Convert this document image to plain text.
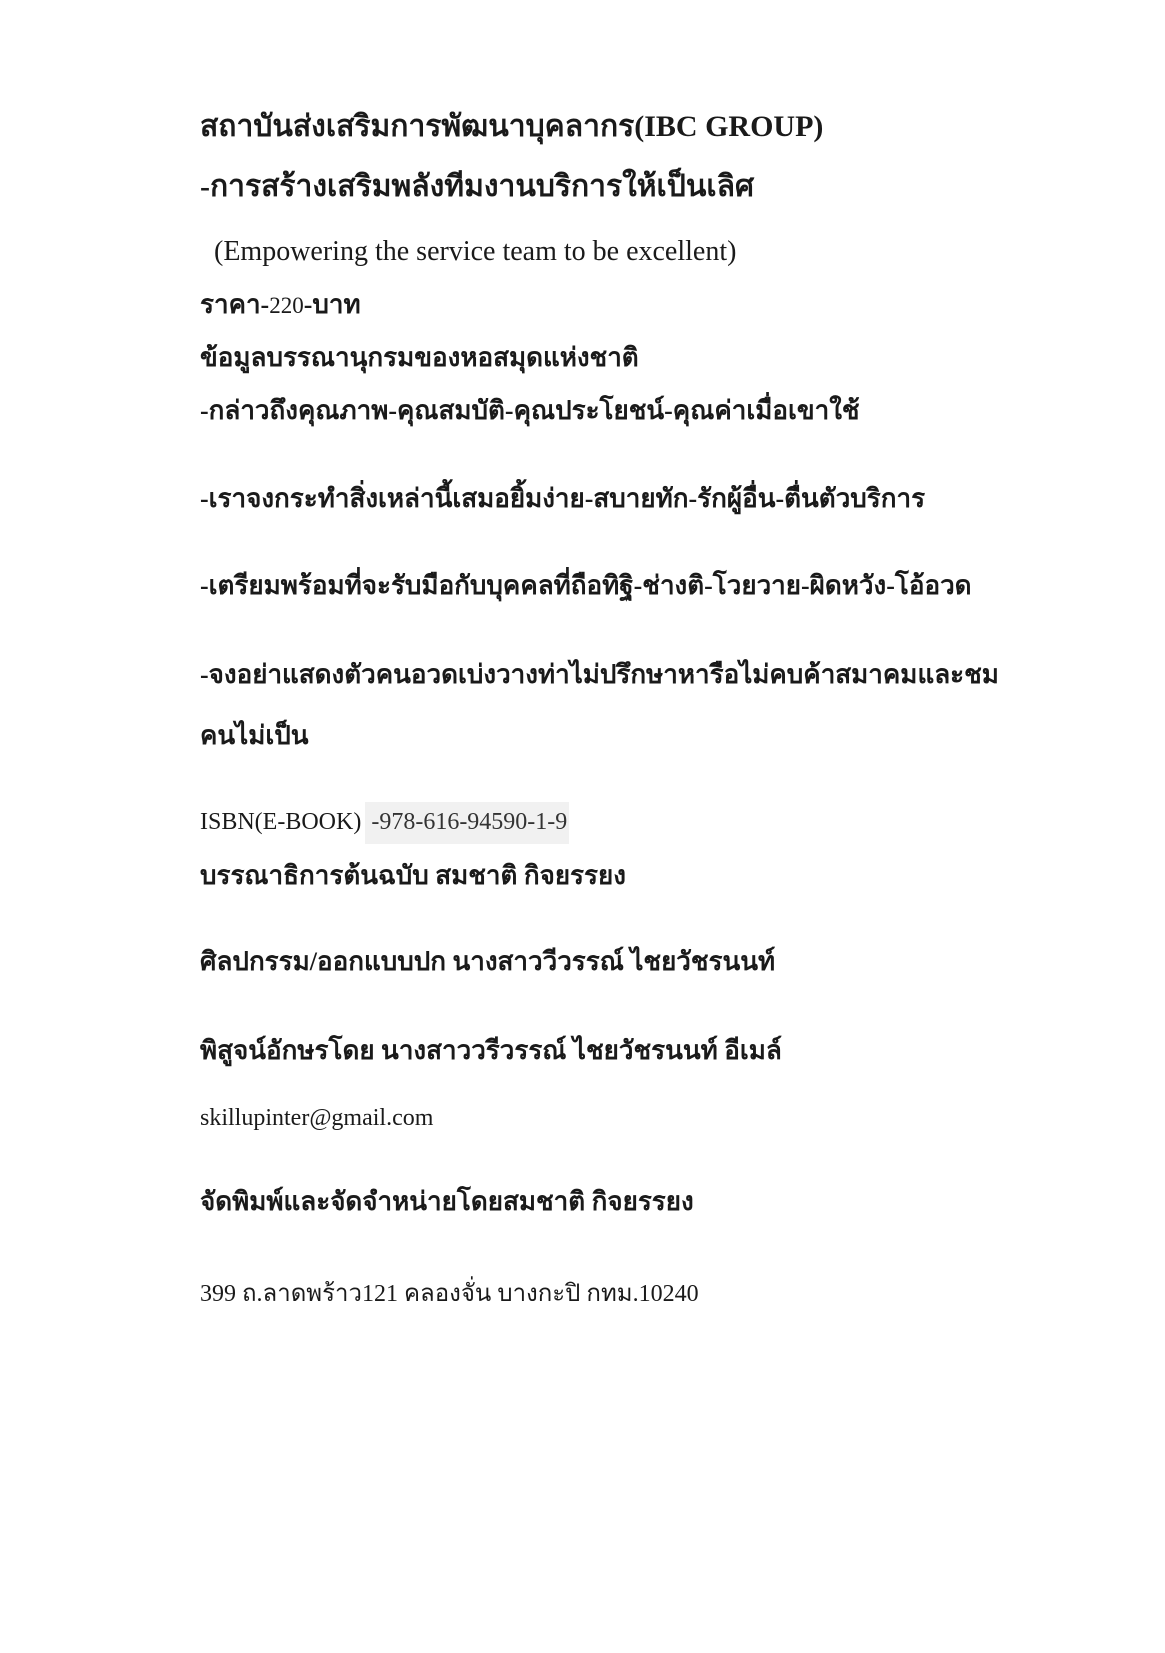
สถาบันส่งเสริมการพัฒนาบุคลากร(IBC GROUP)
-การสร้างเสริมพลังทีมงานบริการให้เป็นเลิศ
(Empowering the service team to be excellent)
ราคา-220-บาท
ข้อมูลบรรณานุกรมของหอสมุดแห่งชาติ
-กล่าวถึงคุณภาพ-คุณสมบัติ-คุณประโยชน์-คุณค่าเมื่อเขาใช้
-เราจงกระทำสิ่งเหล่านี้เสมอยิ้มง่าย-สบายทัก-รักผู้อื่น-ตื่นตัวบริการ
-เตรียมพร้อมที่จะรับมือกับบุคคลที่ถือทิฐิ-ช่างติ-โวยวาย-ผิดหวัง-โอ้อวด
-จงอย่าแสดงตัวคนอวดเบ่งวางท่าไม่ปรึกษาหารือไม่คบค้าสมาคมและชม
คนไม่เป็น
ISBN(E-BOOK) -978-616-94590-1-9
บรรณาธิการต้นฉบับ สมชาติ กิจยรรยง
ศิลปกรรม/ออกแบบปก นางสาววีวรรณ์ ไชยวัชรนนท์
พิสูจน์อักษรโดย นางสาววรีวรรณ์ ไชยวัชรนนท์ อีเมล์
skillupinter@gmail.com
จัดพิมพ์และจัดจำหน่ายโดยสมชาติ กิจยรรยง
399 ถ.ลาดพร้าว121 คลองจั่น บางกะปิ กทม.10240
